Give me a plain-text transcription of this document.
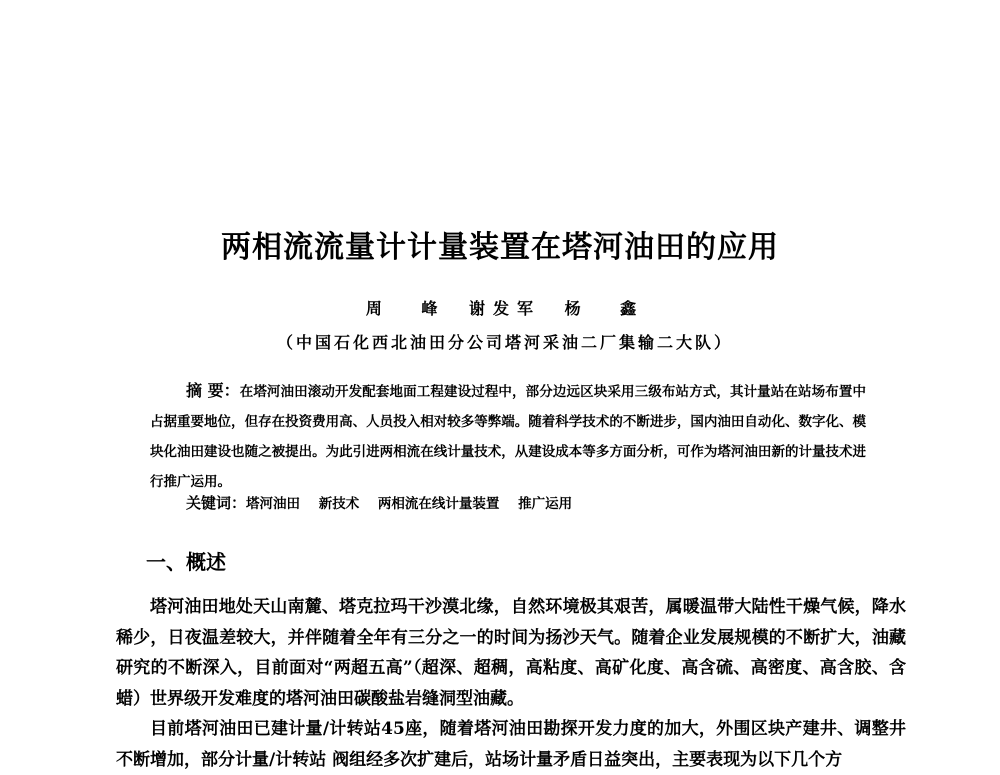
两相流流量计计量装置在塔河油田的应用
周 峰 谢发军 杨 鑫
（中国石化西北油田分公司塔河采油二厂集输二大队）
摘 要：在塔河油田滚动开发配套地面工程建设过程中，部分边远区块采用三级布站方式，其计量站在站场布置中占据重要地位，但存在投资费用高、人员投入相对较多等弊端。随着科学技术的不断进步，国内油田自动化、数字化、模块化油田建设也随之被提出。为此引进两相流在线计量技术，从建设成本等多方面分析，可作为塔河油田新的计量技术进行推广运用。
关键词：塔河油田 新技术 两相流在线计量装置 推广运用
一、概述

塔河油田地处天山南麓、塔克拉玛干沙漠北缘，自然环境极其艰苦，属暖温带大陆性干燥气候，降水稀少，日夜温差较大，并伴随着全年有三分之一的时间为扬沙天气。随着企业发展规模的不断扩大，油藏研究的不断深入，目前面对“两超五高”（超深、超稠，高粘度、高矿化度、高含硫、高密度、高含胶、含蜡）世界级开发难度的塔河油田碳酸盐岩缝洞型油藏。

目前塔河油田已建计量/计转站45座，随着塔河油田勘探开发力度的加大，外围区块产建井、调整井不断增加，部分计量/计转站 阀组经多次扩建后，站场计量矛盾日益突出，主要表现为以下几个方
